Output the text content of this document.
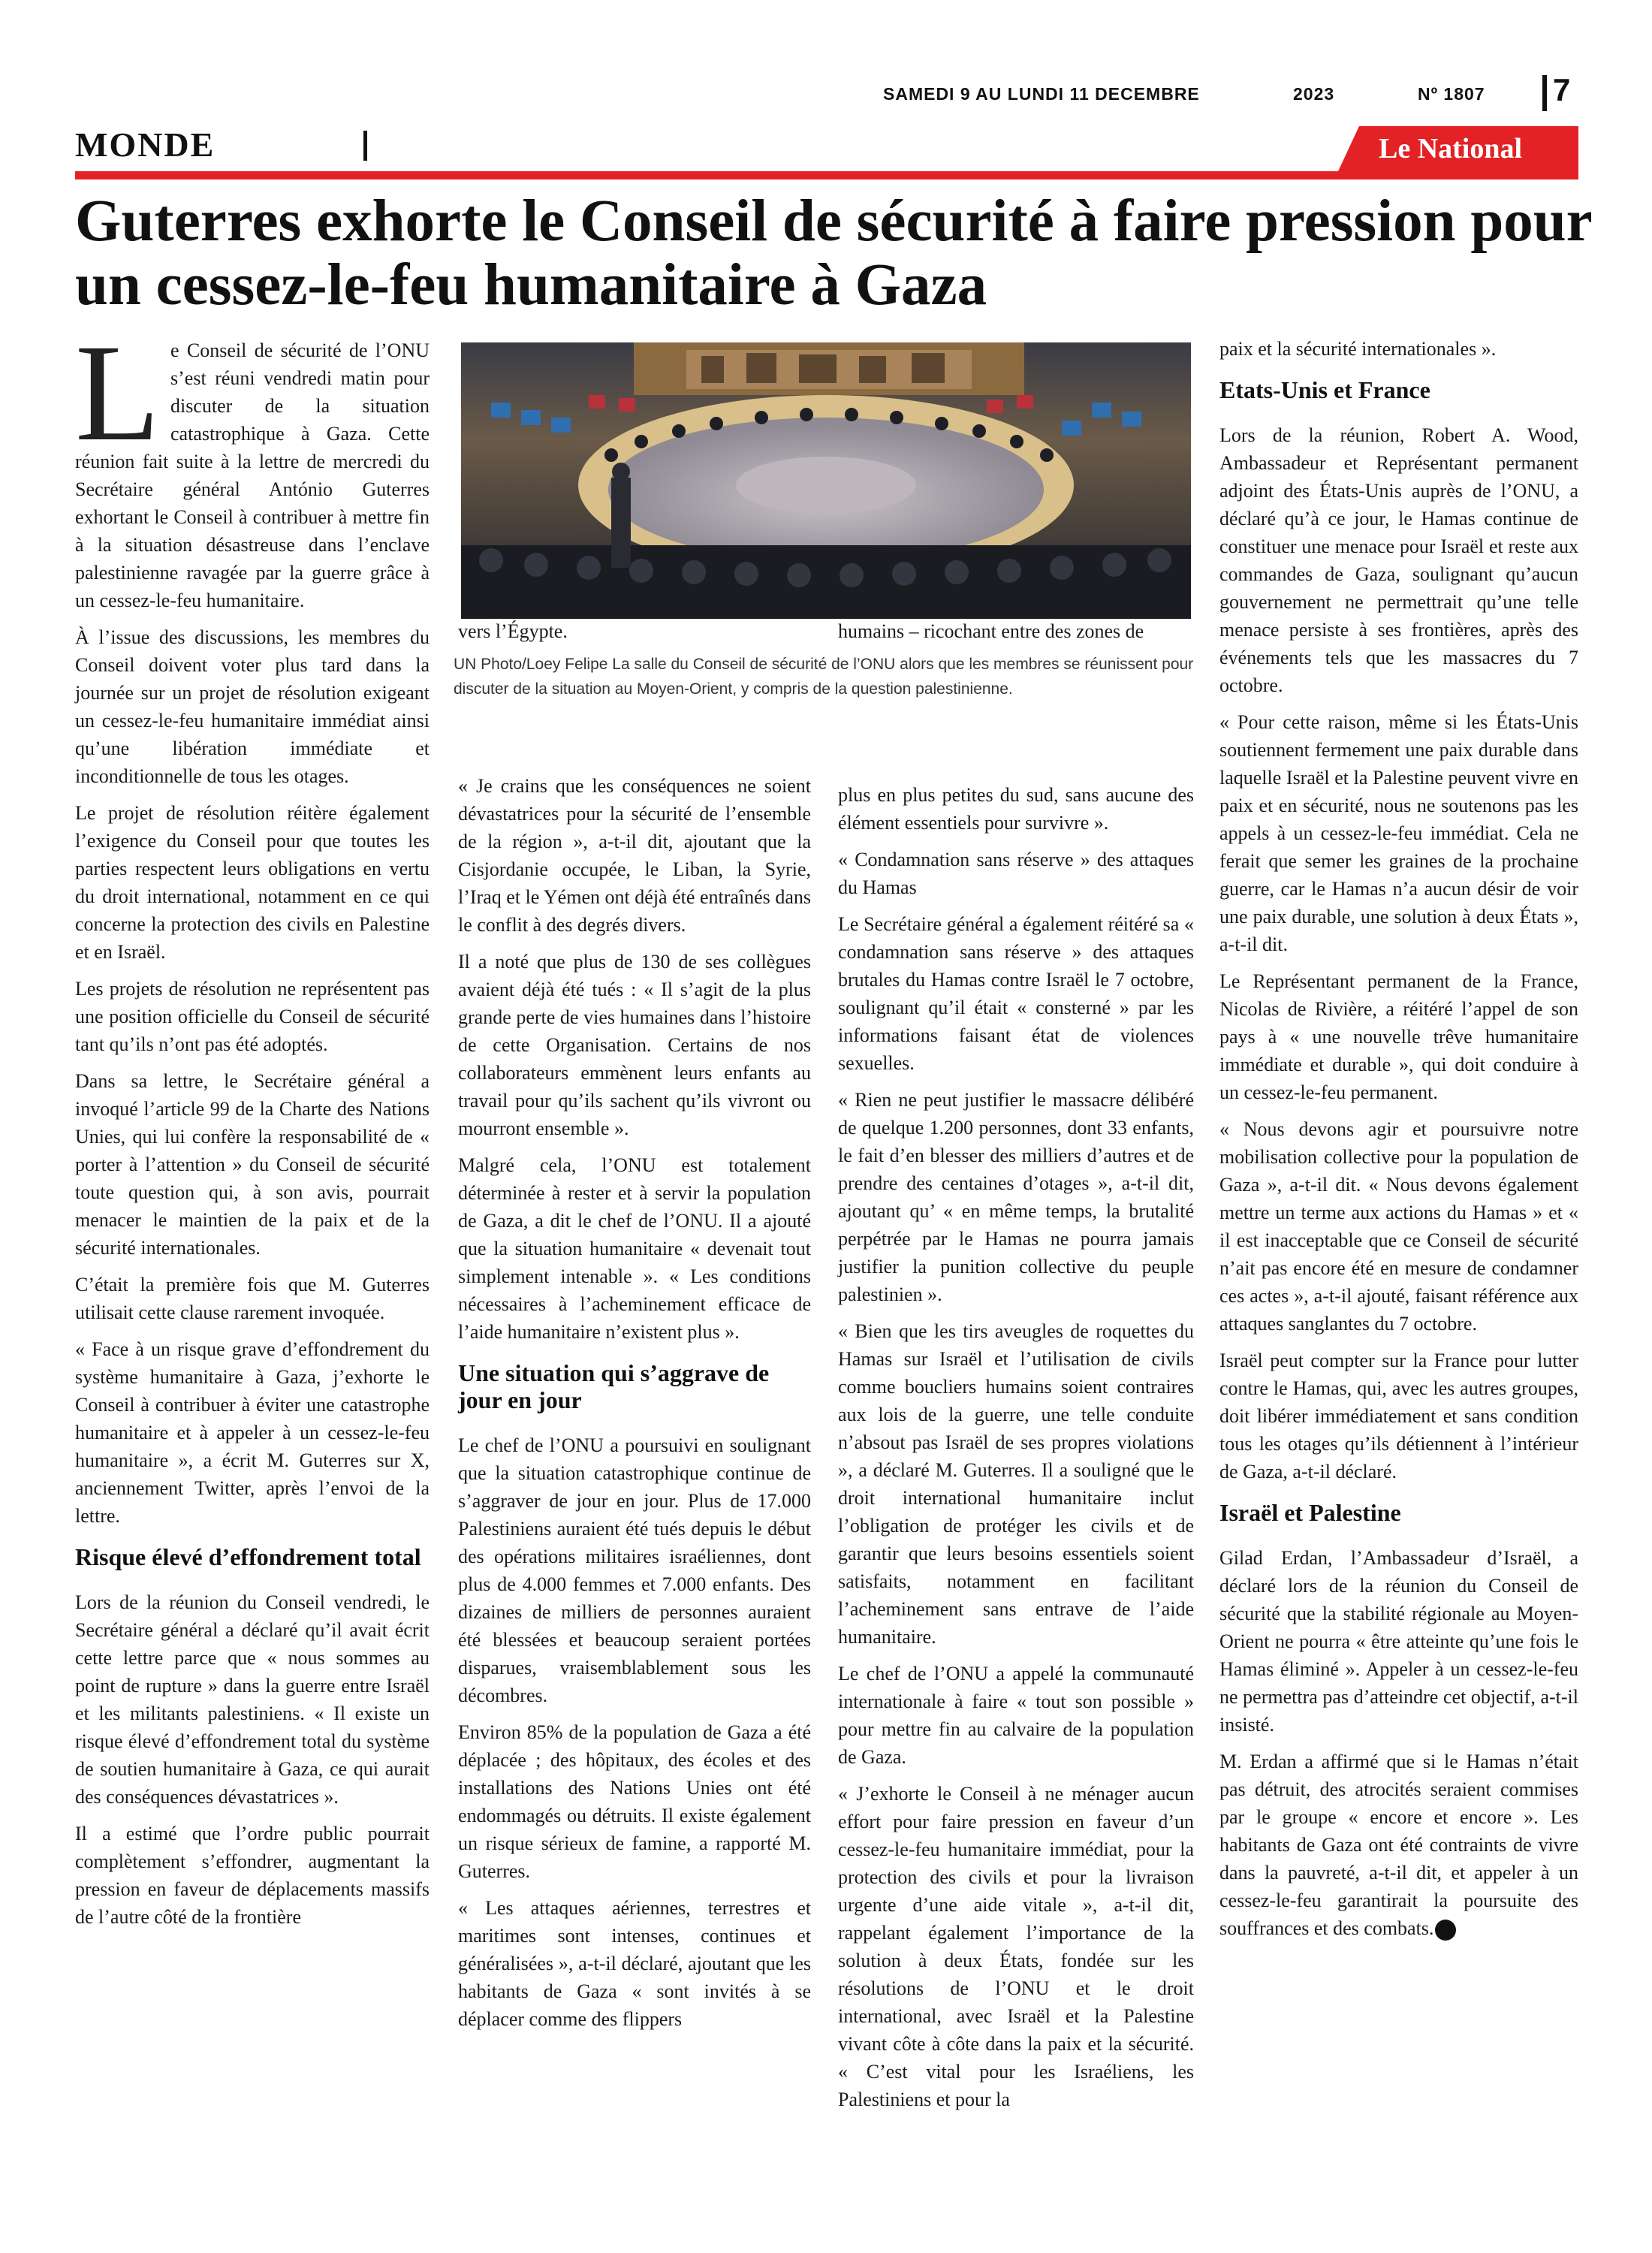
SAMEDI 9 AU LUNDI 11 DECEMBRE	2023	Nº 1807 7
MONDE	Le National
Guterres exhorte le Conseil de sécurité à faire pression pour un cessez-le-feu humanitaire à Gaza

Le Conseil de sécurité de l’ONU s’est réuni vendredi matin pour discuter de la situation catastrophique à Gaza. Cette réunion fait suite à la lettre de mercredi du Secrétaire général António Guterres exhortant le Conseil à contribuer à mettre fin à la situation désastreuse dans l’enclave palestinienne ravagée par la guerre grâce à un cessez-le-feu humanitaire.

À l’issue des discussions, les membres du Conseil doivent voter plus tard dans la journée sur un projet de résolution exigeant un cessez-le-feu humanitaire immédiat ainsi qu’une libération immédiate et inconditionnelle de tous les otages.

Le projet de résolution réitère également l’exigence du Conseil pour que toutes les parties respectent leurs obligations en vertu du droit international, notamment en ce qui concerne la protection des civils en Palestine et en Israël.

Les projets de résolution ne représentent pas une position officielle du Conseil de sécurité tant qu’ils n’ont pas été adoptés.

Dans sa lettre, le Secrétaire général a invoqué l’article 99 de la Charte des Nations Unies, qui lui confère la responsabilité de « porter à l’attention » du Conseil de sécurité toute question qui, à son avis, pourrait menacer le maintien de la paix et de la sécurité internationales.

C’était la première fois que M. Guterres utilisait cette clause rarement invoquée.

« Face à un risque grave d’effondrement du système humanitaire à Gaza, j’exhorte le Conseil à contribuer à éviter une catastrophe humanitaire et à appeler à un cessez-le-feu humanitaire », a écrit M. Guterres sur X, anciennement Twitter, après l’envoi de la lettre.

Risque élevé d’effondrement total

Lors de la réunion du Conseil vendredi, le Secrétaire général a déclaré qu’il avait écrit cette lettre parce que « nous sommes au point de rupture » dans la guerre entre Israël et les militants palestiniens. « Il existe un risque élevé d’effondrement total du système de soutien humanitaire à Gaza, ce qui aurait des conséquences dévastatrices ».

Il a estimé que l’ordre public pourrait complètement s’effondrer, augmentant la pression en faveur de déplacements massifs de l’autre côté de la frontière

vers l’Égypte.	humains – ricochant entre des zones de
UN Photo/Loey Felipe La salle du Conseil de sécurité de l’ONU alors que les membres se réunissent pour discuter de la situation au Moyen-Orient, y compris de la question palestinienne.

« Je crains que les conséquences ne soient dévastatrices pour la sécurité de l’ensemble de la région », a-t-il dit, ajoutant que la Cisjordanie occupée, le Liban, la Syrie, l’Iraq et le Yémen ont déjà été entraînés dans le conflit à des degrés divers.

Il a noté que plus de 130 de ses collègues avaient déjà été tués : « Il s’agit de la plus grande perte de vies humaines dans l’histoire de cette Organisation. Certains de nos collaborateurs emmènent leurs enfants au travail pour qu’ils sachent qu’ils vivront ou mourront ensemble ».

Malgré cela, l’ONU est totalement déterminée à rester et à servir la population de Gaza, a dit le chef de l’ONU. Il a ajouté que la situation humanitaire « devenait tout simplement intenable ». « Les conditions nécessaires à l’acheminement efficace de l’aide humanitaire n’existent plus ».

Une situation qui s’aggrave de jour en jour

Le chef de l’ONU a poursuivi en soulignant que la situation catastrophique continue de s’aggraver de jour en jour. Plus de 17.000 Palestiniens auraient été tués depuis le début des opérations militaires israéliennes, dont plus de 4.000 femmes et 7.000 enfants. Des dizaines de milliers de personnes auraient été blessées et beaucoup seraient portées disparues, vraisemblablement sous les décombres.

Environ 85% de la population de Gaza a été déplacée ; des hôpitaux, des écoles et des installations des Nations Unies ont été endommagés ou détruits. Il existe également un risque sérieux de famine, a rapporté M. Guterres.

« Les attaques aériennes, terrestres et maritimes sont intenses, continues et généralisées », a-t-il déclaré, ajoutant que les habitants de Gaza « sont invités à se déplacer comme des flippers

plus en plus petites du sud, sans aucune des élément essentiels pour survivre ».

« Condamnation sans réserve » des attaques du Hamas

Le Secrétaire général a également réitéré sa « condamnation sans réserve » des attaques brutales du Hamas contre Israël le 7 octobre, soulignant qu’il était « consterné » par les informations faisant état de violences sexuelles.

« Rien ne peut justifier le massacre délibéré de quelque 1.200 personnes, dont 33 enfants, le fait d’en blesser des milliers d’autres et de prendre des centaines d’otages », a-t-il dit, ajoutant qu’ « en même temps, la brutalité perpétrée par le Hamas ne pourra jamais justifier la punition collective du peuple palestinien ».

« Bien que les tirs aveugles de roquettes du Hamas sur Israël et l’utilisation de civils comme boucliers humains soient contraires aux lois de la guerre, une telle conduite n’absout pas Israël de ses propres violations », a déclaré M. Guterres. Il a souligné que le droit international humanitaire inclut l’obligation de protéger les civils et de garantir que leurs besoins essentiels soient satisfaits, notamment en facilitant l’acheminement sans entrave de l’aide humanitaire.

Le chef de l’ONU a appelé la communauté internationale à faire « tout son possible » pour mettre fin au calvaire de la population de Gaza.

« J’exhorte le Conseil à ne ménager aucun effort pour faire pression en faveur d’un cessez-le-feu humanitaire immédiat, pour la protection des civils et pour la livraison urgente d’une aide vitale », a-t-il dit, rappelant également l’importance de la solution à deux États, fondée sur les résolutions de l’ONU et le droit international, avec Israël et la Palestine vivant côte à côte dans la paix et la sécurité. « C’est vital pour les Israéliens, les Palestiniens et pour la

paix et la sécurité internationales ».

Etats-Unis et France

Lors de la réunion, Robert A. Wood, Ambassadeur et Représentant permanent adjoint des États-Unis auprès de l’ONU, a déclaré qu’à ce jour, le Hamas continue de constituer une menace pour Israël et reste aux commandes de Gaza, soulignant qu’aucun gouvernement ne permettrait qu’une telle menace persiste à ses frontières, après des événements tels que les massacres du 7 octobre.

« Pour cette raison, même si les États-Unis soutiennent fermement une paix durable dans laquelle Israël et la Palestine peuvent vivre en paix et en sécurité, nous ne soutenons pas les appels à un cessez-le-feu immédiat. Cela ne ferait que semer les graines de la prochaine guerre, car le Hamas n’a aucun désir de voir une paix durable, une solution à deux États », a-t-il dit.

Le Représentant permanent de la France, Nicolas de Rivière, a réitéré l’appel de son pays à « une nouvelle trêve humanitaire immédiate et durable », qui doit conduire à un cessez-le-feu permanent.

« Nous devons agir et poursuivre notre mobilisation collective pour la population de Gaza », a-t-il dit. « Nous devons également mettre un terme aux actions du Hamas » et « il est inacceptable que ce Conseil de sécurité n’ait pas encore été en mesure de condamner ces actes », a-t-il ajouté, faisant référence aux attaques sanglantes du 7 octobre.

Israël peut compter sur la France pour lutter contre le Hamas, qui, avec les autres groupes, doit libérer immédiatement et sans condition tous les otages qu’ils détiennent à l’intérieur de Gaza, a-t-il déclaré.

Israël et Palestine

Gilad Erdan, l’Ambassadeur d’Israël, a déclaré lors de la réunion du Conseil de sécurité que la stabilité régionale au Moyen-Orient ne pourra « être atteinte qu’une fois le Hamas éliminé ». Appeler à un cessez-le-feu ne permettra pas d’atteindre cet objectif, a-t-il insisté.

M. Erdan a affirmé que si le Hamas n’était pas détruit, des atrocités seraient commises par le groupe « encore et encore ». Les habitants de Gaza ont été contraints de vivre dans la pauvreté, a-t-il dit, et appeler à un cessez-le-feu garantirait la poursuite des souffrances et des combats.
